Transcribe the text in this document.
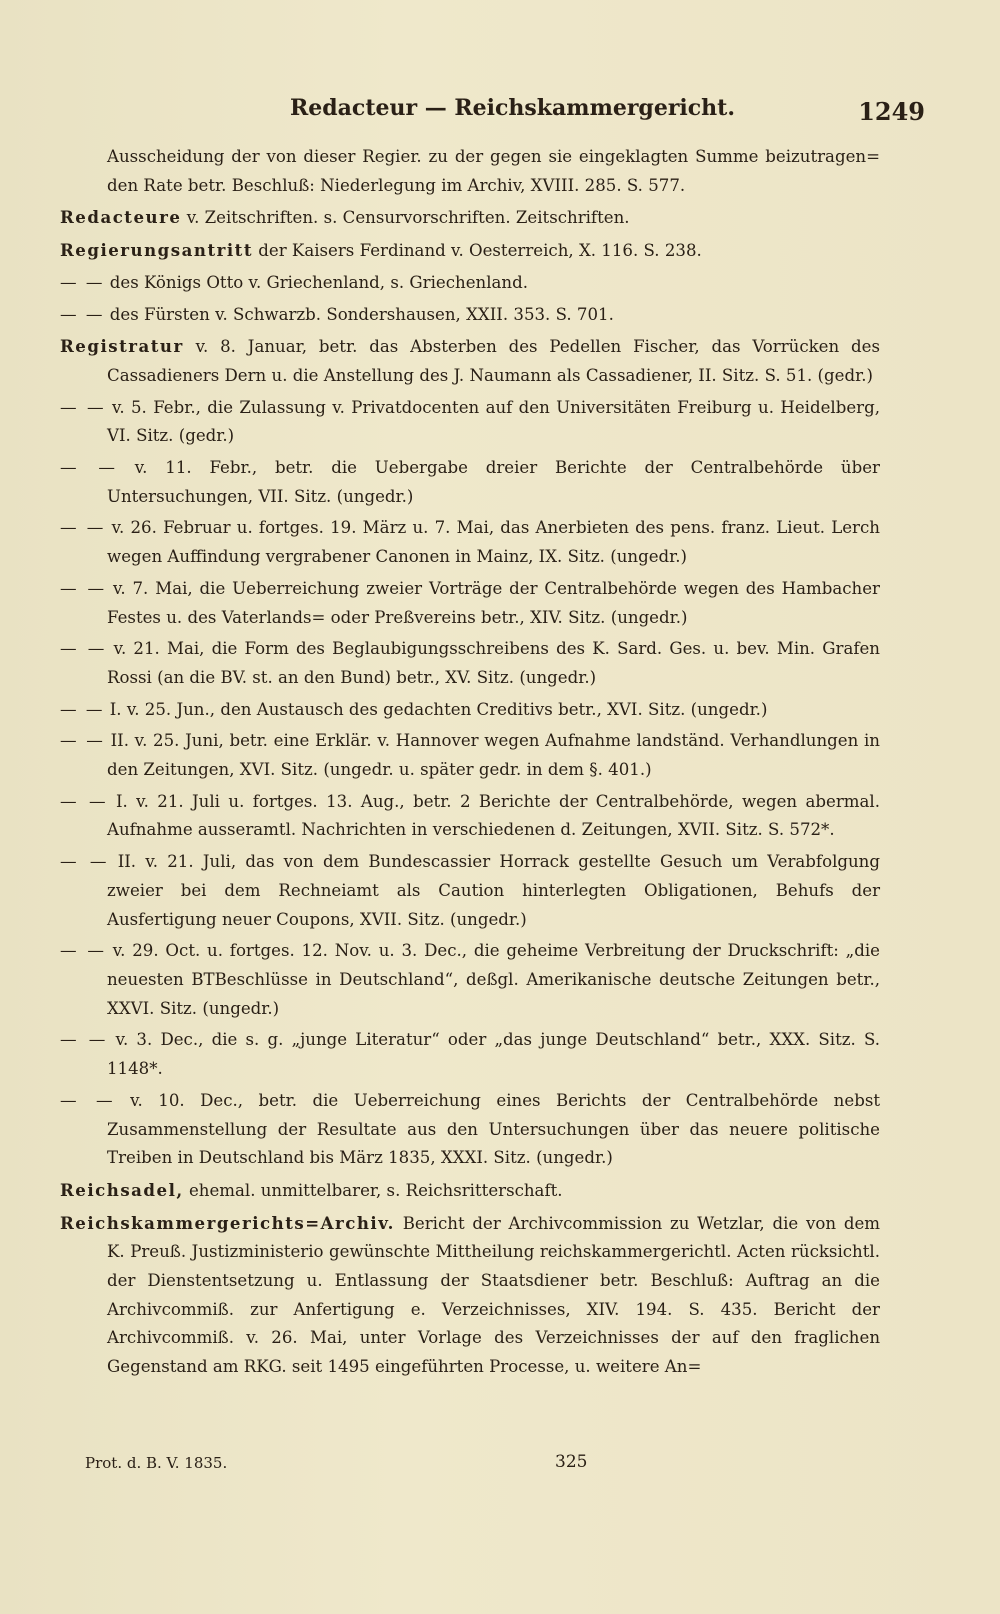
Redacteur — Reichskammergericht.	1249

Ausscheidung der von dieser Regier. zu der gegen sie eingeklagten Summe beizutragen= den Rate betr. Beschluß: Niederlegung im Archiv, XVIII. 285. S. 577.

Redacteure v. Zeitschriften. s. Censurvorschriften. Zeitschriften.

Regierungsantritt der Kaisers Ferdinand v. Oesterreich, X. 116. S. 238.

— — des Königs Otto v. Griechenland, s. Griechenland.

— — des Fürsten v. Schwarzb. Sondershausen, XXII. 353. S. 701.

Registratur v. 8. Januar, betr. das Absterben des Pedellen Fischer, das Vorrücken des Cassadieners Dern u. die Anstellung des J. Naumann als Cassadiener, II. Sitz. S. 51. (gedr.)

— — v. 5. Febr., die Zulassung v. Privatdocenten auf den Universitäten Freiburg u. Heidelberg, VI. Sitz. (gedr.)

— — v. 11. Febr., betr. die Uebergabe dreier Berichte der Centralbehörde über Untersuchungen, VII. Sitz. (ungedr.)

— — v. 26. Februar u. fortges. 19. März u. 7. Mai, das Anerbieten des pens. franz. Lieut. Lerch wegen Auffindung vergrabener Canonen in Mainz, IX. Sitz. (ungedr.)

— — v. 7. Mai, die Ueberreichung zweier Vorträge der Centralbehörde wegen des Hambacher Festes u. des Vaterlands= oder Preßvereins betr., XIV. Sitz. (ungedr.)

— — v. 21. Mai, die Form des Beglaubigungsschreibens des K. Sard. Ges. u. bev. Min. Grafen Rossi (an die BV. st. an den Bund) betr., XV. Sitz. (ungedr.)

— — I. v. 25. Jun., den Austausch des gedachten Creditivs betr., XVI. Sitz. (ungedr.)

— — II. v. 25. Juni, betr. eine Erklär. v. Hannover wegen Aufnahme landständ. Verhandlungen in den Zeitungen, XVI. Sitz. (ungedr. u. später gedr. in dem §. 401.)

— — I. v. 21. Juli u. fortges. 13. Aug., betr. 2 Berichte der Centralbehörde, wegen abermal. Aufnahme ausseramtl. Nachrichten in verschiedenen d. Zeitungen, XVII. Sitz. S. 572*.

— — II. v. 21. Juli, das von dem Bundescassier Horrack gestellte Gesuch um Verabfolgung zweier bei dem Rechneiamt als Caution hinterlegten Obligationen, Behufs der Ausfertigung neuer Coupons, XVII. Sitz. (ungedr.)

— — v. 29. Oct. u. fortges. 12. Nov. u. 3. Dec., die geheime Verbreitung der Druckschrift: „die neuesten BTBeschlüsse in Deutschland“, deßgl. Amerikanische deutsche Zeitungen betr., XXVI. Sitz. (ungedr.)

— — v. 3. Dec., die s. g. „junge Literatur“ oder „das junge Deutschland“ betr., XXX. Sitz. S. 1148*.

— — v. 10. Dec., betr. die Ueberreichung eines Berichts der Centralbehörde nebst Zusammenstellung der Resultate aus den Untersuchungen über das neuere politische Treiben in Deutschland bis März 1835, XXXI. Sitz. (ungedr.)

Reichsadel, ehemal. unmittelbarer, s. Reichsritterschaft.

Reichskammergerichts=Archiv. Bericht der Archivcommission zu Wetzlar, die von dem K. Preuß. Justizministerio gewünschte Mittheilung reichskammergerichtl. Acten rücksichtl. der Dienstentsetzung u. Entlassung der Staatsdiener betr. Beschluß: Auftrag an die Archivcommiß. zur Anfertigung e. Verzeichnisses, XIV. 194. S. 435. Bericht der Archivcommiß. v. 26. Mai, unter Vorlage des Verzeichnisses der auf den fraglichen Gegenstand am RKG. seit 1495 eingeführten Processe, u. weitere An=

Prot. d. B. V. 1835.	325
